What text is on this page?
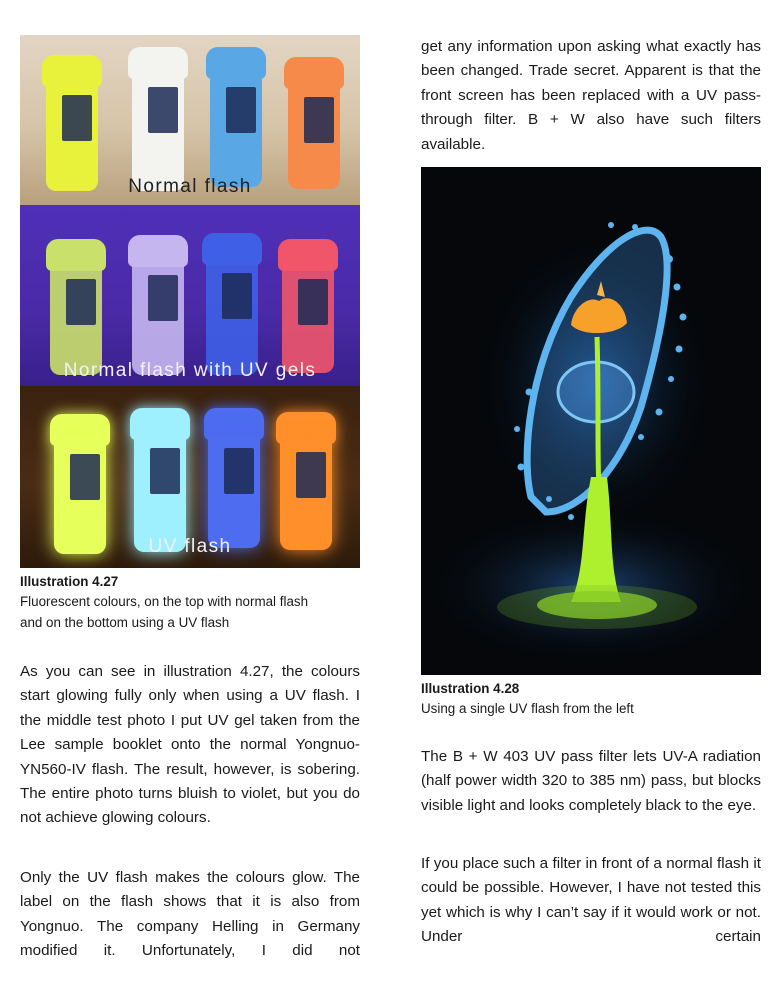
Normal flash
Normal flash with UV gels
UV flash
Illustration 4.27
Fluorescent colours, on the top with normal flash
and on the bottom using a UV flash

As you can see in illustration 4.27, the colours start glowing fully only when using a UV flash. I the middle test photo I put UV gel taken from the Lee sample booklet onto the normal Yongnuo-YN560-IV flash. The result, however, is sobering. The entire photo turns bluish to violet, but you do not achieve glowing colours.

Only the UV flash makes the colours glow. The label on the flash shows that it is also from Yongnuo. The company Helling in Germany modified it. Unfortunately, I did not

get any information upon asking what exactly has been changed. Trade secret. Apparent is that the front screen has been replaced with a UV pass-through filter. B + W also have such filters available.

Illustration 4.28
Using a single UV flash from the left

The B + W 403 UV pass filter lets UV-A radiation (half power width 320 to 385 nm) pass, but blocks visible light and looks completely black to the eye.

If you place such a filter in front of a normal flash it could be possible. However, I have not tested this yet which is why I can’t say if it would work or not. Under certain
